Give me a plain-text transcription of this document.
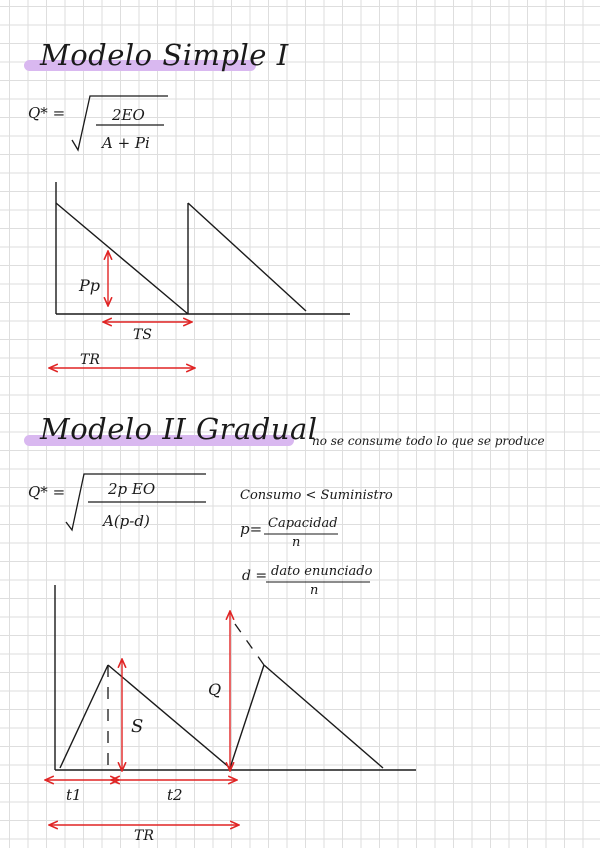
Modelo Simple I
Q* =	2EO
A + Pi
Pp
TS
TR
Modelo II Gradual
no se consume todo lo que se produce
Q* =	2p EO
A(p-d)
Consumo < Suministro
p= Capacidad
n
d = dato enunciado
n
Q
S
t1	t2
TR
